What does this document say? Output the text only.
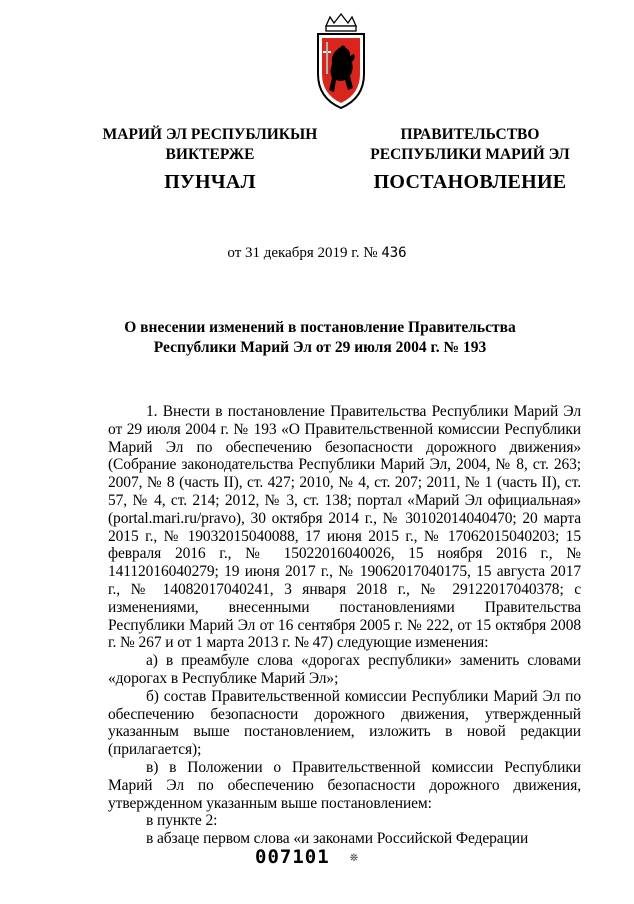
МАРИЙ ЭЛ РЕСПУБЛИКЫН
ВИКТЕРЖЕ
ПУНЧАЛ
ПРАВИТЕЛЬСТВО
РЕСПУБЛИКИ МАРИЙ ЭЛ
ПОСТАНОВЛЕНИЕ
от 31 декабря 2019 г. № 436
О внесении изменений в постановление Правительства
Республики Марий Эл от 29 июля 2004 г. № 193

1. Внести в постановление Правительства Республики Марий Эл от 29 июля 2004 г. № 193 «О Правительственной комиссии Республики Марий Эл по обеспечению безопасности дорожного движения» (Собрание законодательства Республики Марий Эл, 2004, № 8, ст. 263; 2007, № 8 (часть II), ст. 427; 2010, № 4, ст. 207; 2011, № 1 (часть II), ст. 57, № 4, ст. 214; 2012, № 3, ст. 138; портал «Марий Эл официальная» (portal.mari.ru/pravo), 30 октября 2014 г., № 30102014040470; 20 марта 2015 г., № 19032015040088, 17 июня 2015 г., № 17062015040203; 15 февраля 2016 г., № 15022016040026, 15 ноября 2016 г., № 14112016040279; 19 июня 2017 г., № 19062017040175, 15 августа 2017 г., № 14082017040241, 3 января 2018 г., № 29122017040378; с изменениями, внесенными постановлениями Правительства Республики Марий Эл от 16 сентября 2005 г. № 222, от 15 октября 2008 г. № 267 и от 1 марта 2013 г. № 47) следующие изменения:

а) в преамбуле слова «дорогах республики» заменить словами «дорогах в Республике Марий Эл»;

б) состав Правительственной комиссии Республики Марий Эл по обеспечению безопасности дорожного движения, утвержденный указанным выше постановлением, изложить в новой редакции (прилагается);

в) в Положении о Правительственной комиссии Республики Марий Эл по обеспечению безопасности дорожного движения, утвержденном указанным выше постановлением:

в пункте 2:

в абзаце первом слова «и законами Российской Федерации

007101 ❊
